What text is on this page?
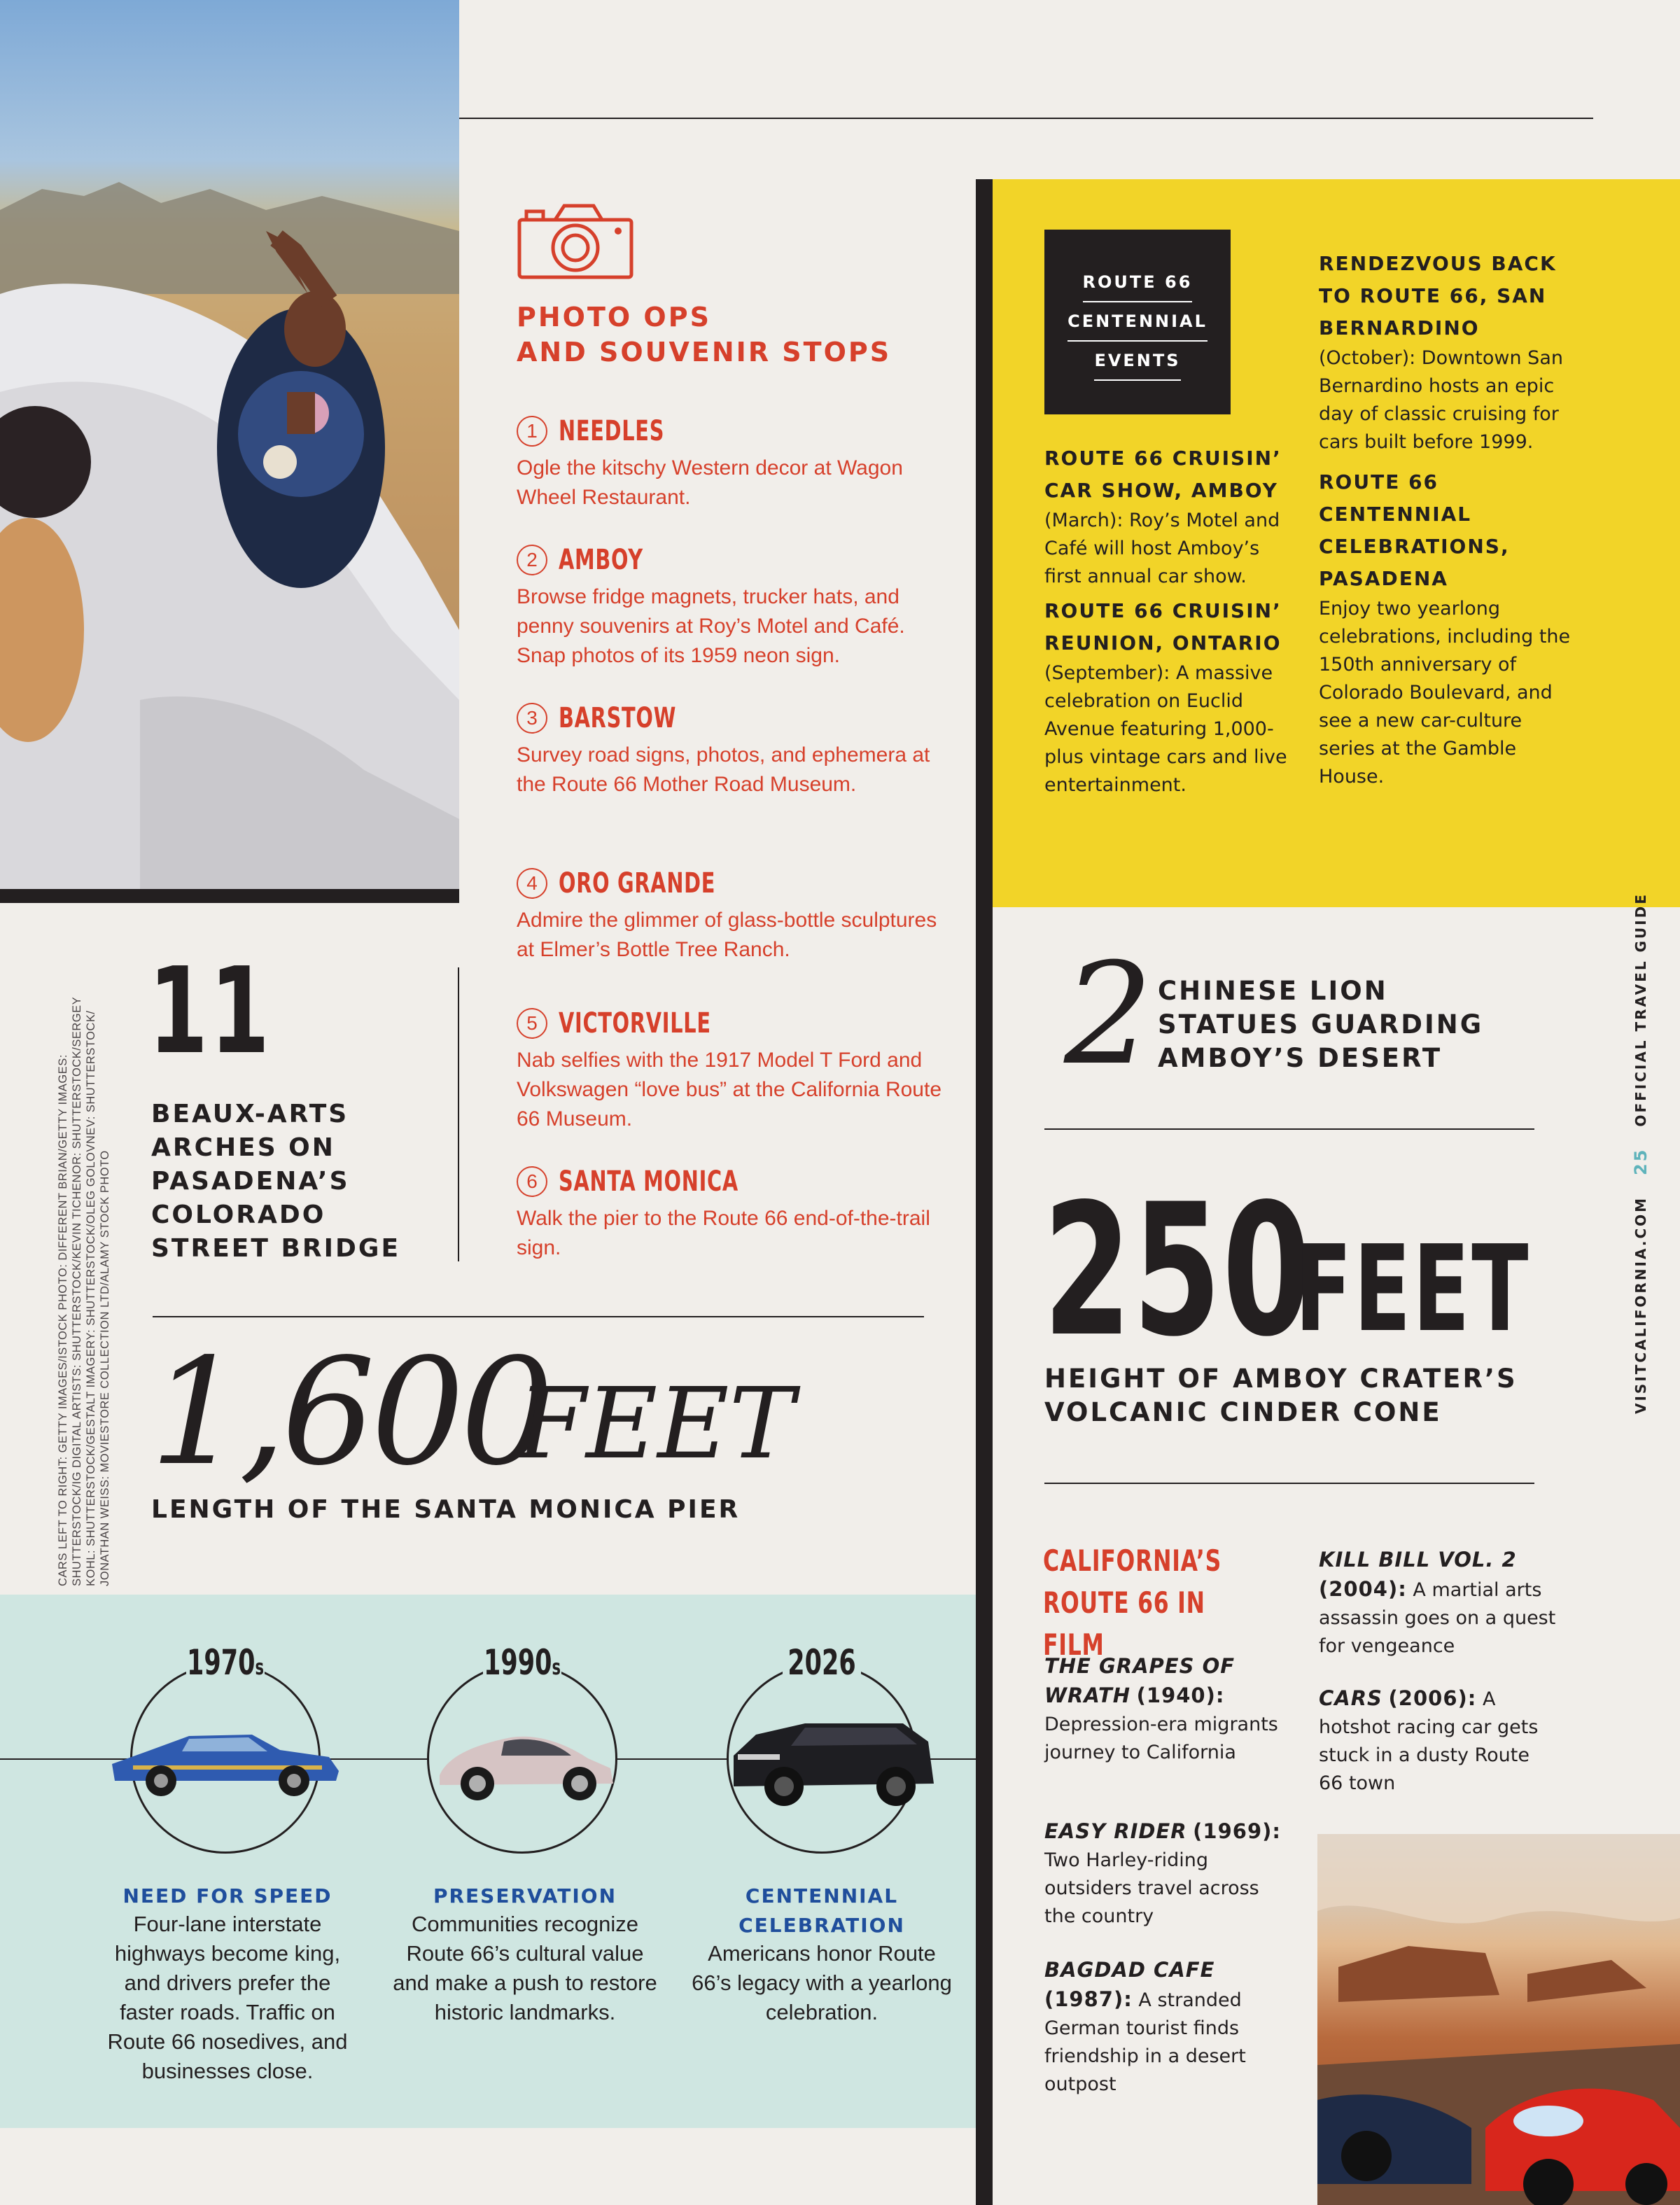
PHOTO OPS
AND SOUVENIR STOPS
1 NEEDLES
Ogle the kitschy Western decor at Wagon Wheel Restaurant.
2 AMBOY
Browse fridge magnets, trucker hats, and penny souvenirs at Roy’s Motel and Café. Snap photos of its 1959 neon sign.
3 BARSTOW
Survey road signs, photos, and ephemera at the Route 66 Mother Road Museum.
4 ORO GRANDE
Admire the glimmer of glass-bottle sculptures at Elmer’s Bottle Tree Ranch.
5 VICTORVILLE
Nab selfies with the 1917 Model T Ford and Volkswagen “love bus” at the California Route 66 Museum.
6 SANTA MONICA
Walk the pier to the Route 66 end-of-the-trail sign.
ROUTE 66
CENTENNIAL
EVENTS
ROUTE 66 CRUISIN’ CAR SHOW, AMBOY
(March): Roy’s Motel and Café will host Amboy’s first annual car show.
ROUTE 66 CRUISIN’ REUNION, ONTARIO
(September): A massive celebration on Euclid Avenue featuring 1,000-plus vintage cars and live entertainment.
RENDEZVOUS BACK TO ROUTE 66, SAN BERNARDINO
(October): Downtown San Bernardino hosts an epic day of classic cruising for cars built before 1999.
ROUTE 66 CENTENNIAL CELEBRATIONS, PASADENA
Enjoy two yearlong celebrations, including the 150th anniversary of Colorado Boulevard, and see a new car-culture series at the Gamble House.
11
BEAUX-ARTS ARCHES ON PASADENA’S COLORADO STREET BRIDGE
CARS LEFT TO RIGHT: GETTY IMAGES/ISTOCK PHOTO: DIFFERENT BRIAN/GETTY IMAGES: SHUTTERSTOCK/IG DIGITAL ARTISTS: SHUTTERSTOCK/KEVIN TICHENOR: SHUTTERSTOCK/SERGEY KOHL: SHUTTERSTOCK/GESTALT IMAGERY: SHUTTERSTOCK/OLEG GOLOVNEV: SHUTTERSTOCK/ JONATHAN WEISS: MOVIESTORE COLLECTION LTD/ALAMY STOCK PHOTO 1,600
FEET
LENGTH OF THE SANTA MONICA PIER
2 CHINESE LION STATUES GUARDING AMBOY’S DESERT
250
FEET
HEIGHT OF AMBOY CRATER’S VOLCANIC CINDER CONE	VISITCALIFORNIA.COM
25
OFFICIAL TRAVEL GUIDE
1970s
NEED FOR SPEED
Four-lane interstate highways become king, and drivers prefer the faster roads. Traffic on Route 66 nosedives, and businesses close.
1990s
PRESERVATION
Communities recognize Route 66’s cultural value and make a push to restore historic landmarks.
2026
CENTENNIAL CELEBRATION
Americans honor Route 66’s legacy with a yearlong celebration.
CALIFORNIA’S
ROUTE 66 IN FILM
THE GRAPES OF WRATH (1940): Depression-era migrants journey to California
EASY RIDER (1969): Two Harley-riding outsiders travel across the country
BAGDAD CAFE (1987): A stranded German tourist finds friendship in a desert outpost
KILL BILL VOL. 2 (2004): A martial arts assassin goes on a quest for vengeance
CARS (2006): A hotshot racing car gets stuck in a dusty Route 66 town
